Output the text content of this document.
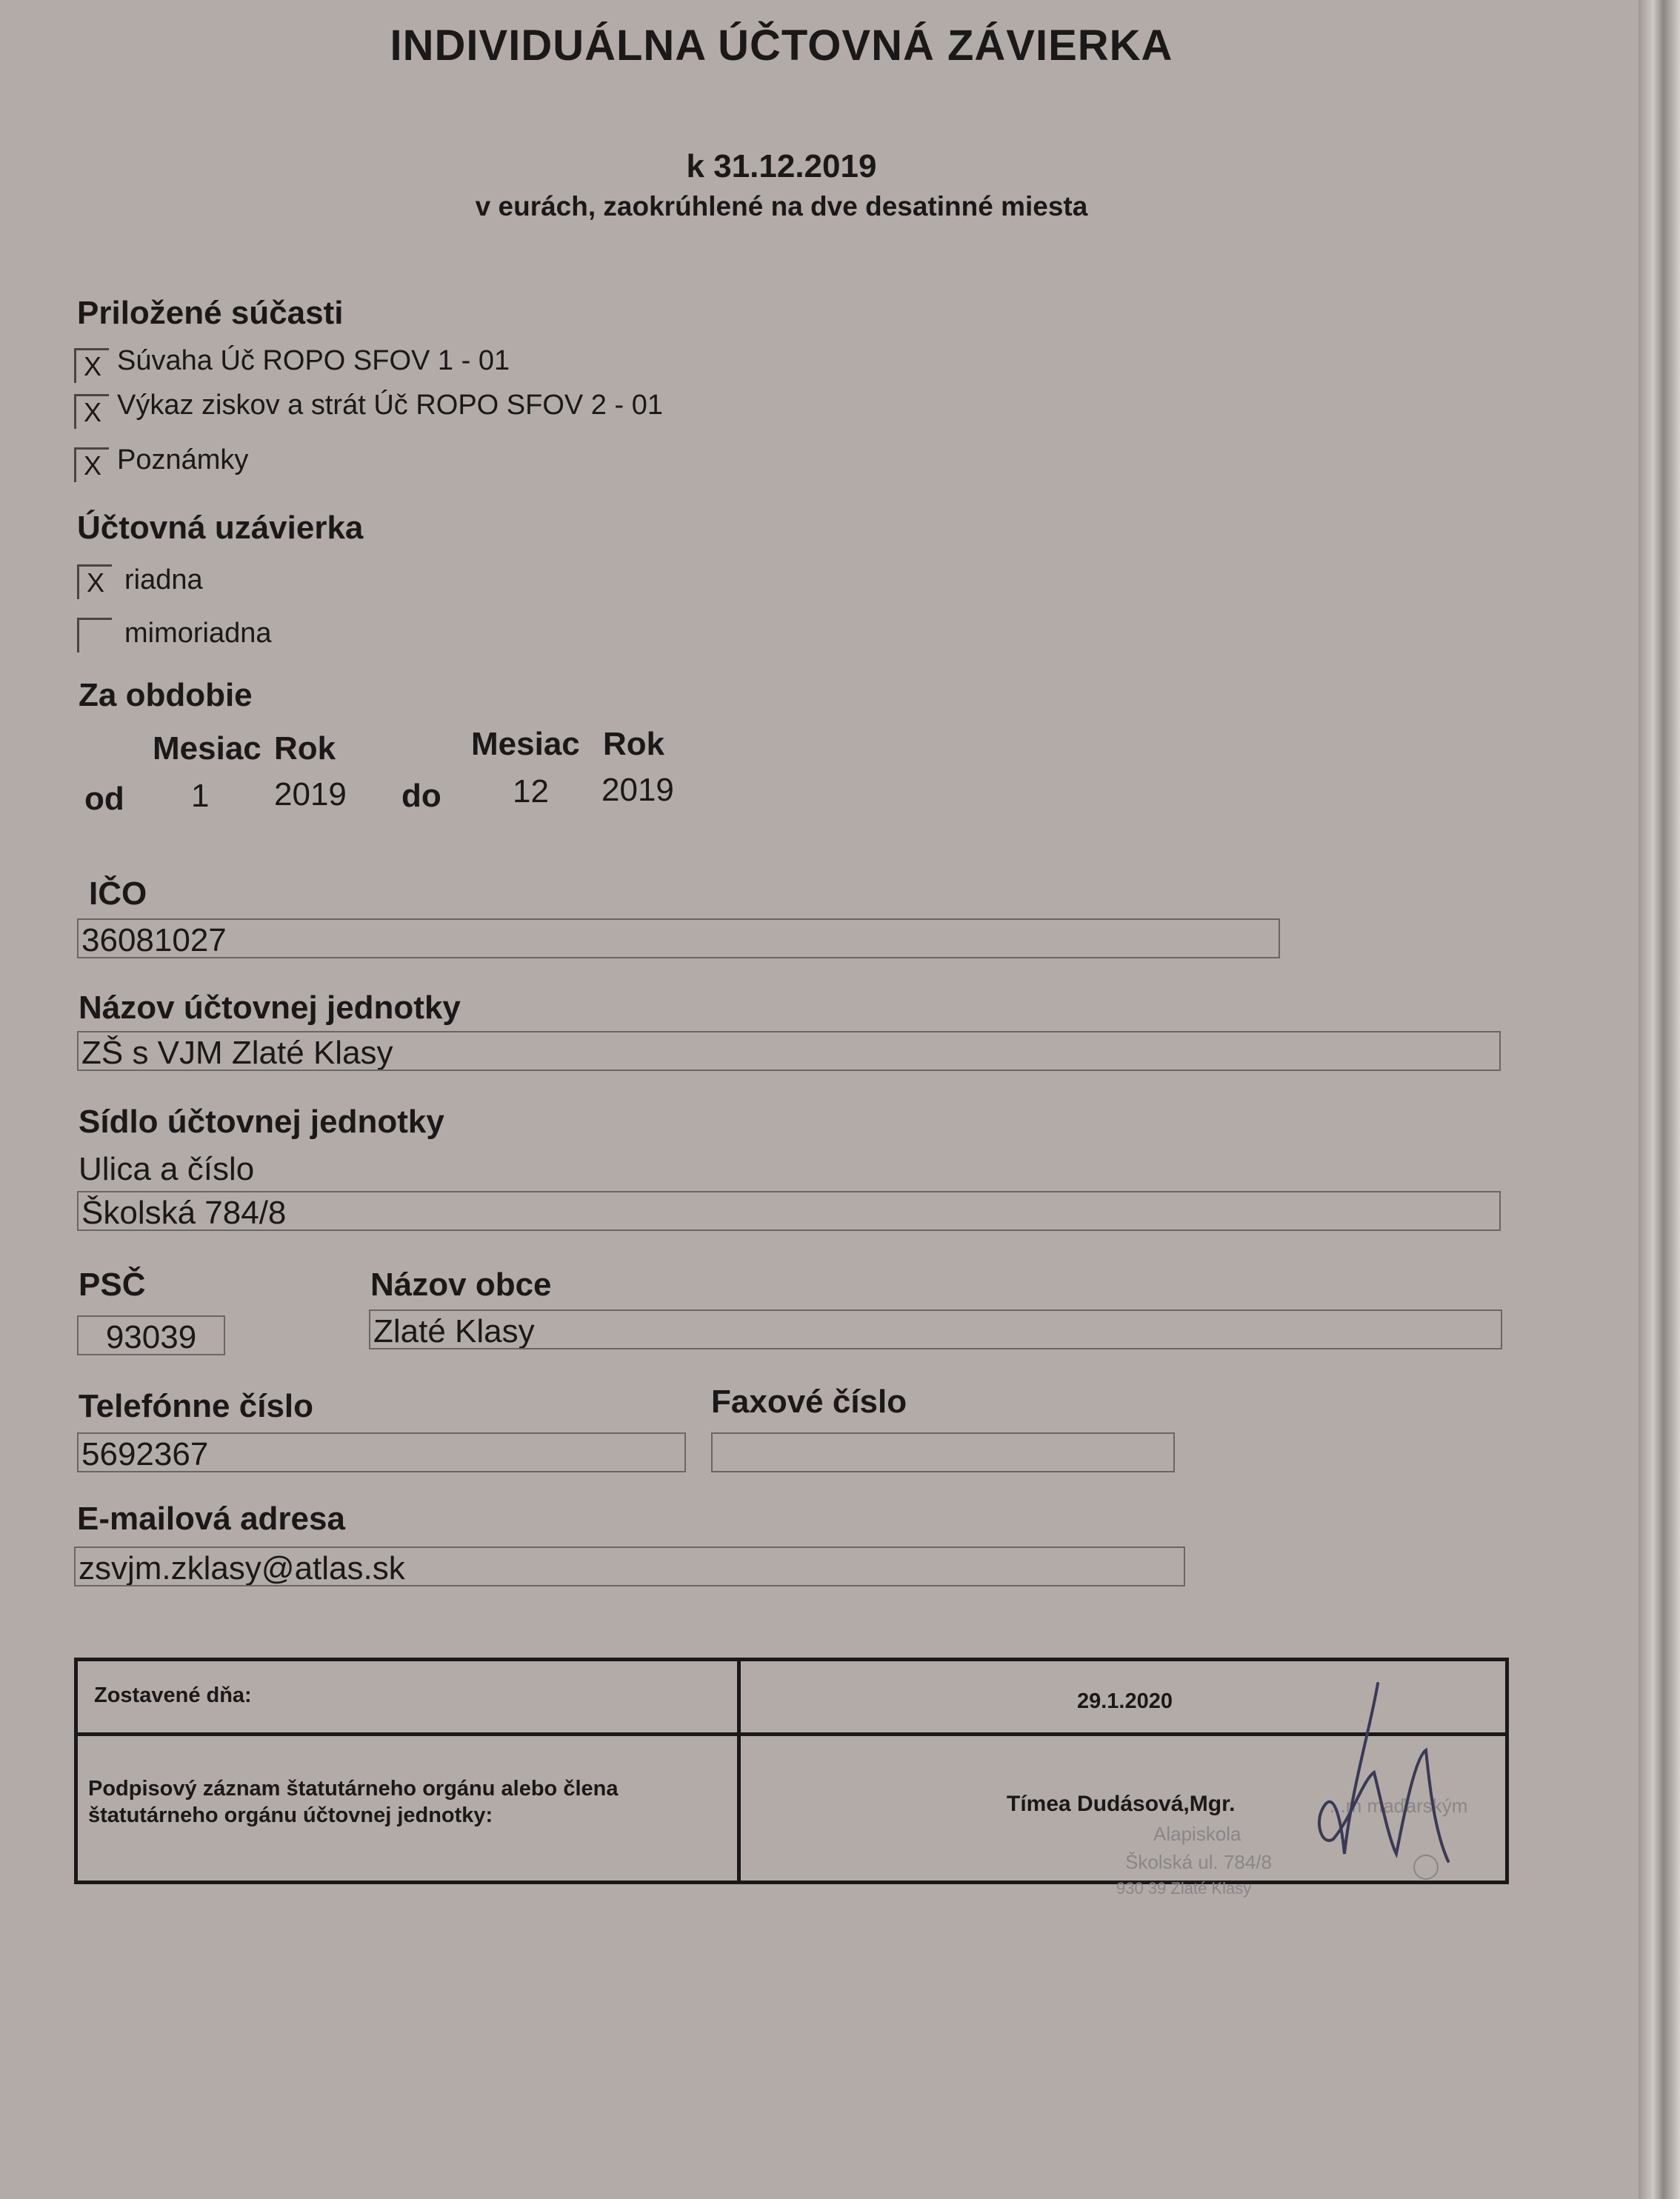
INDIVIDUÁLNA ÚČTOVNÁ ZÁVIERKA
k 31.12.2019
v eurách, zaokrúhlené na dve desatinné miesta
Priložené súčasti
X Súvaha Úč ROPO SFOV 1 - 01
X Výkaz ziskov a strát Úč ROPO SFOV 2 - 01
X Poznámky
Účtovná uzávierka
X riadna
mimoriadna
Za obdobie
Mesiac Rok	Mesiac Rok
od 1 2019 do 12 2019
IČO
36081027
Názov účtovnej jednotky
ZŠ s VJM Zlaté Klasy
Sídlo účtovnej jednotky
Ulica a číslo
Školská 784/8
PSČ	Názov obce
93039	Zlaté Klasy
Telefónne číslo	Faxové číslo
5692367
E-mailová adresa
zsvjm.zklasy@atlas.sk
Zostavené dňa:	29.1.2020
Podpisový záznam štatutárneho orgánu alebo člena štatutárneho orgánu účtovnej jednotky:	Tímea Dudásová,Mgr.	...m maďarským
Alapiskola
Školská ul. 784/8
930 39 Zlaté Klasy
